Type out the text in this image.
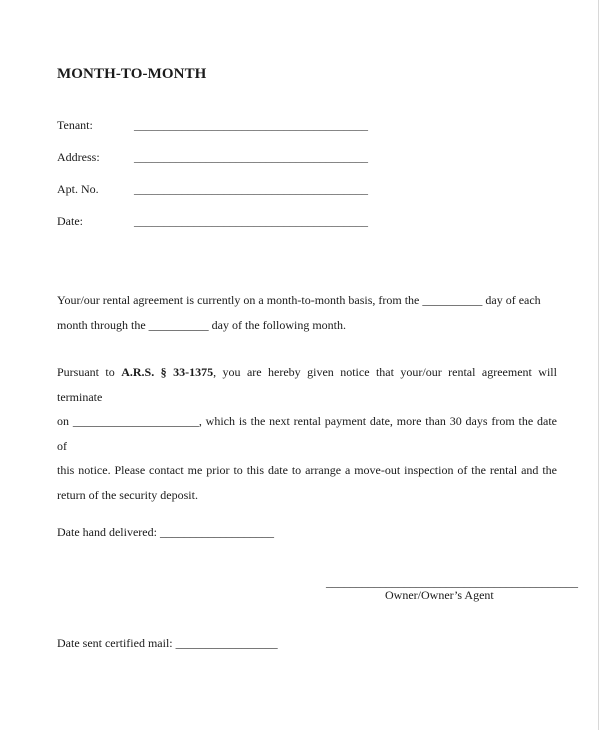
MONTH-TO-MONTH
Tenant:	_______________________________________
Address:	_______________________________________
Apt. No.	_______________________________________
Date:	_______________________________________
Your/our rental agreement is currently on a month-to-month basis, from the __________ day of each
month through the __________ day of the following month.
Pursuant to A.R.S. § 33-1375, you are hereby given notice that your/our rental agreement will terminate
on _____________________, which is the next rental payment date, more than 30 days from the date of
this notice. Please contact me prior to this date to arrange a move-out inspection of the rental and the
return of the security deposit.
Date hand delivered: ___________________
__________________________________________
Owner/Owner’s Agent
Date sent certified mail: _________________
